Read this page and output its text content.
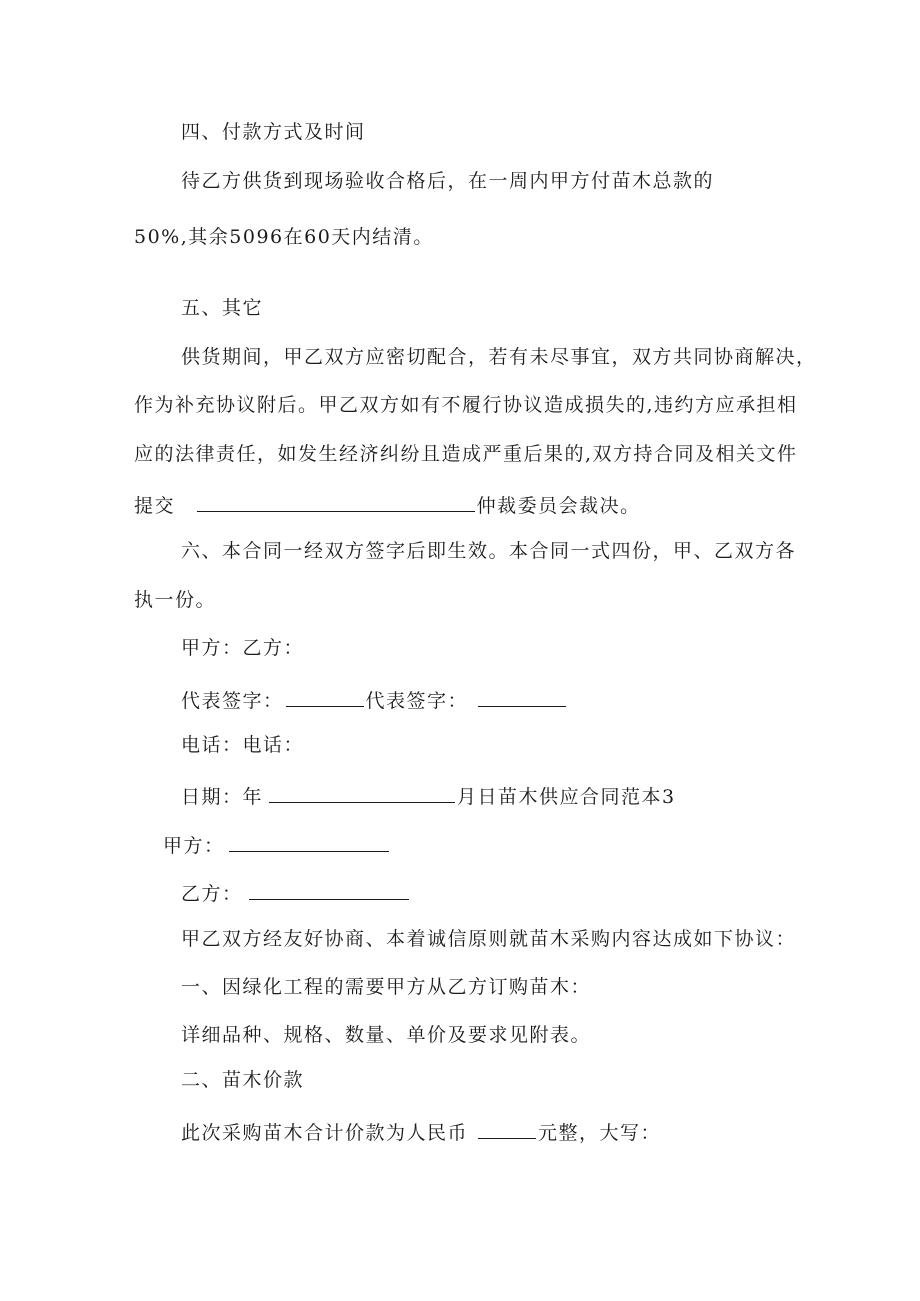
四、付款方式及时间
待乙方供货到现场验收合格后，在一周内甲方付苗木总款的
50%,其余5096在60天内结清。
五、其它
供货期间，甲乙双方应密切配合，若有未尽事宜，双方共同协商解决，
作为补充协议附后。甲乙双方如有不履行协议造成损失的,违约方应承担相
应的法律责任，如发生经济纠纷且造成严重后果的,双方持合同及相关文件
提交	仲裁委员会裁决。
六、本合同一经双方签字后即生效。本合同一式四份，甲、乙双方各
执一份。
甲方：乙方：
代表签字：	代表签字：
电话：电话：
日期：年	月日苗木供应合同范本3
甲方：
乙方：
甲乙双方经友好协商、本着诚信原则就苗木采购内容达成如下协议：
一、因绿化工程的需要甲方从乙方订购苗木：
详细品种、规格、数量、单价及要求见附表。
二、苗木价款
此次采购苗木合计价款为人民币	元整，大写：
